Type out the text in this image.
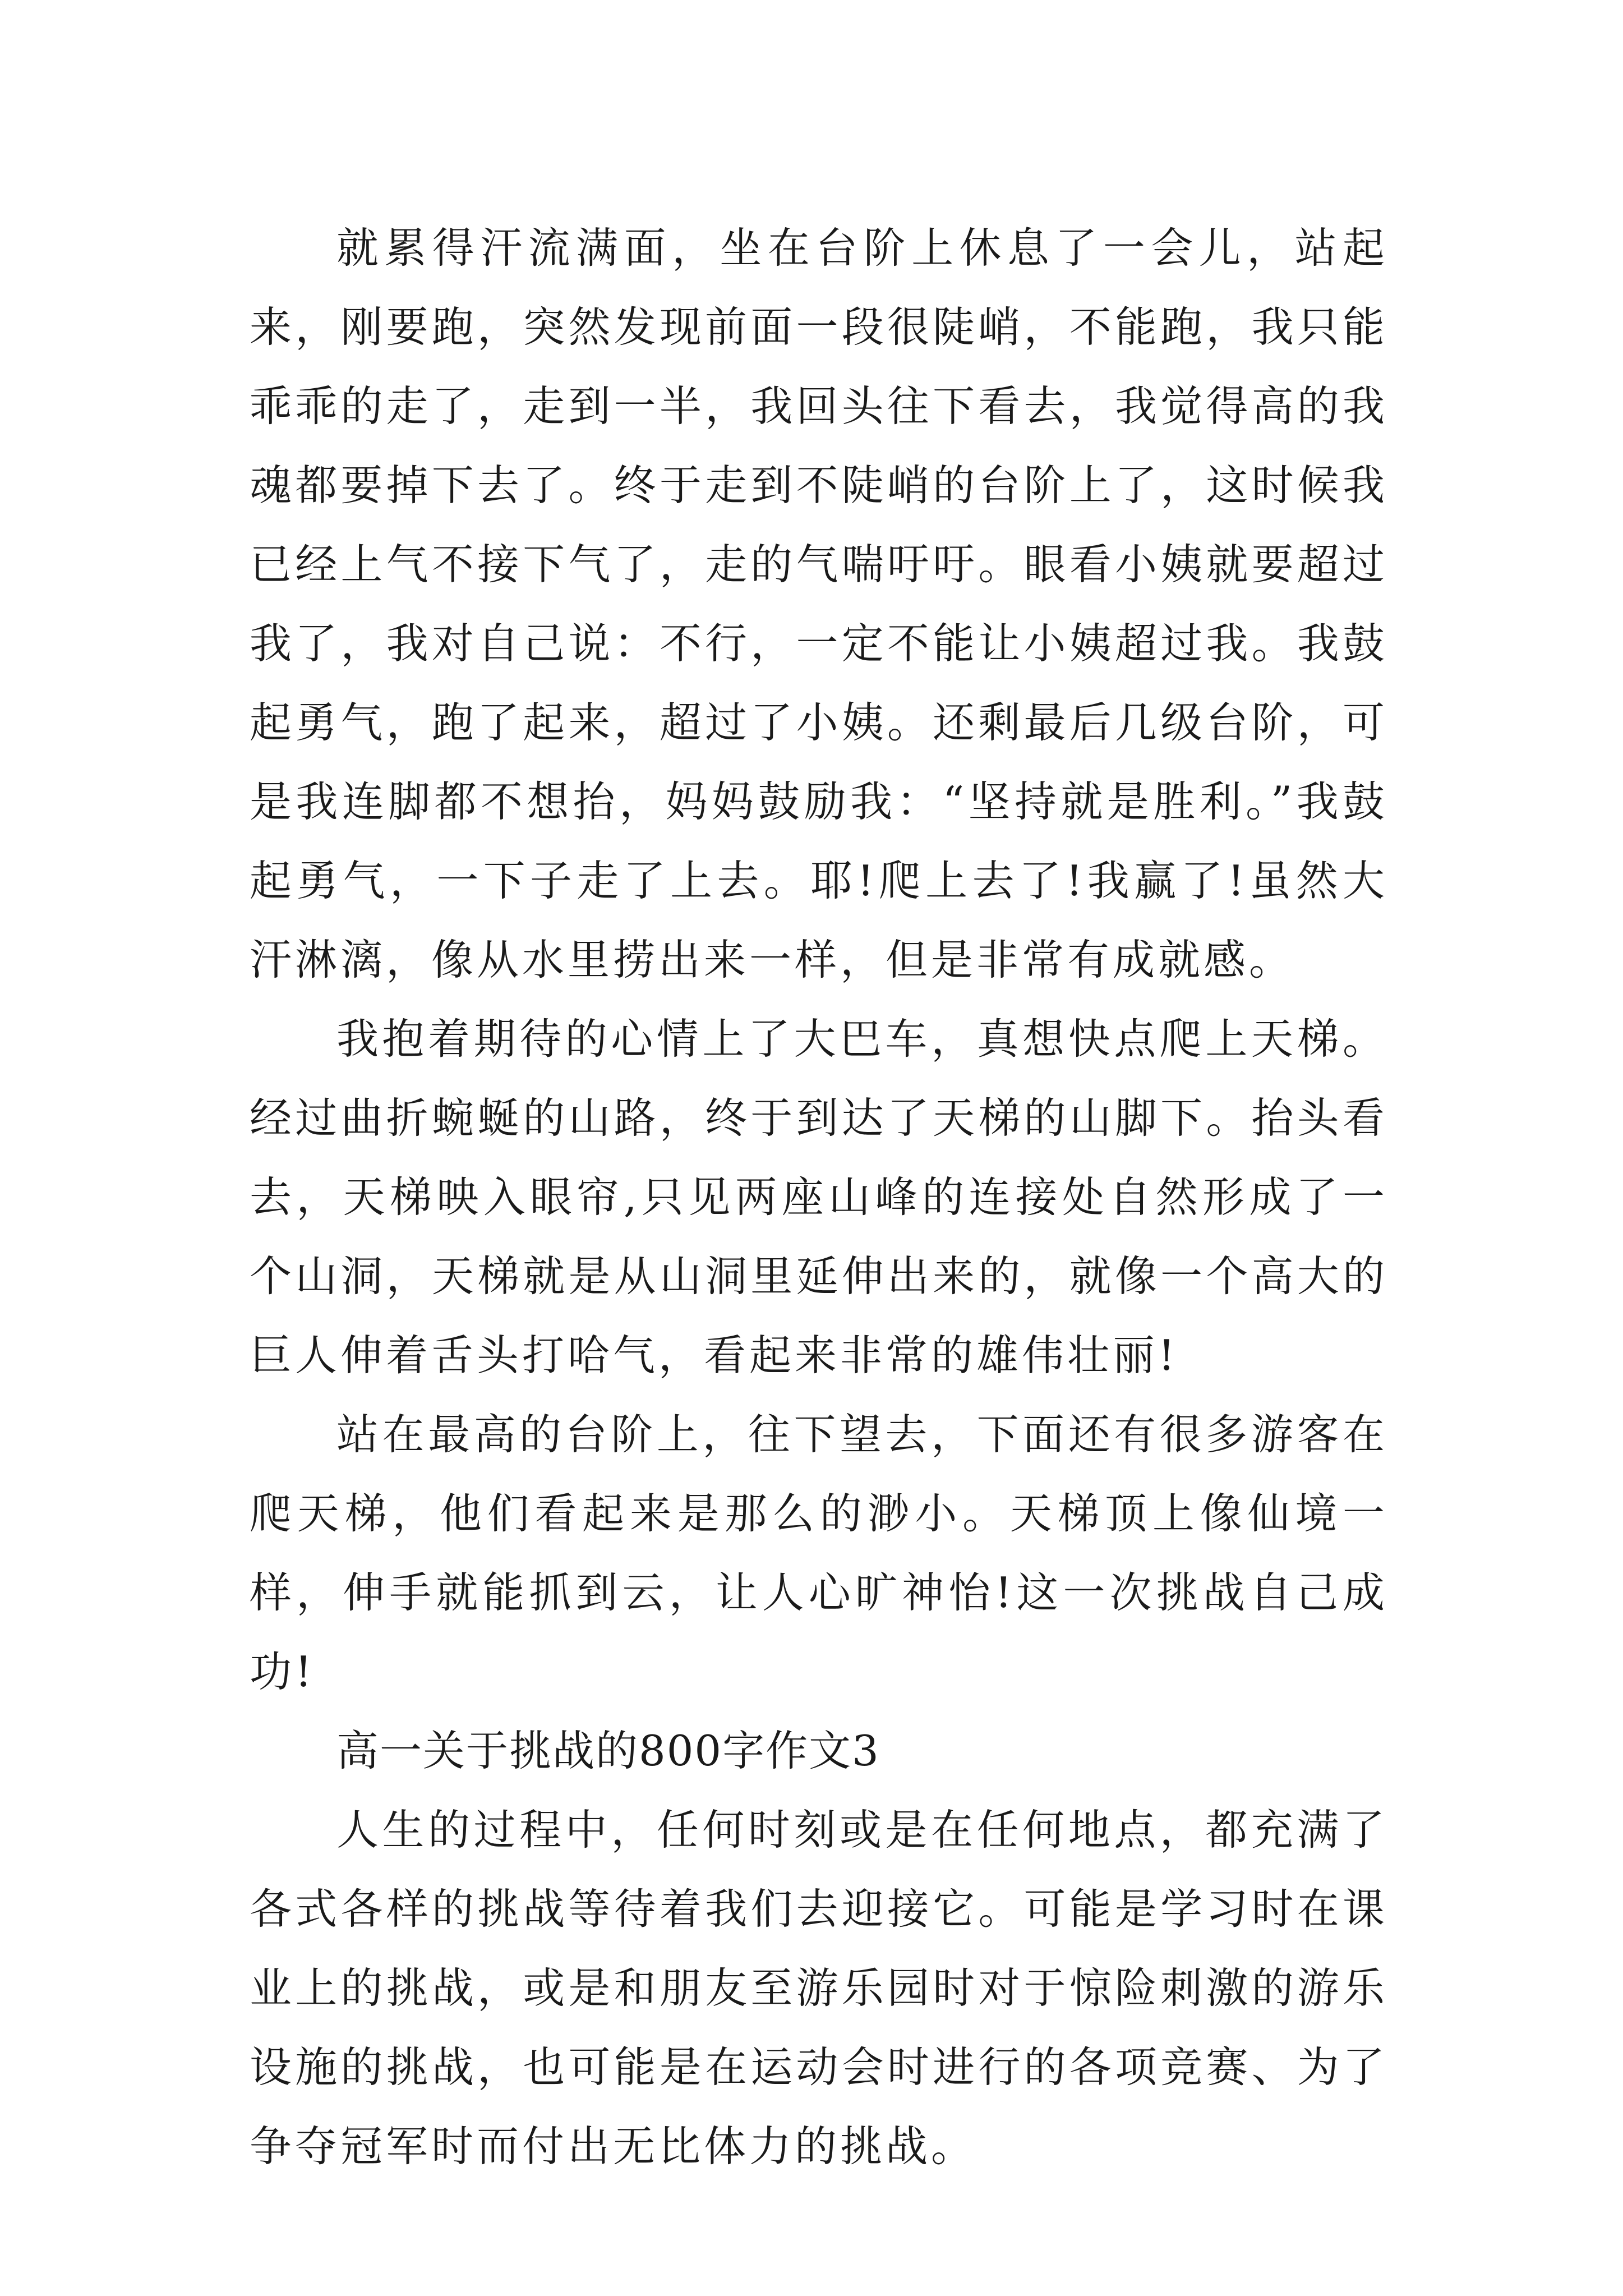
就累得汗流满面，坐在台阶上休息了一会儿，站起来，刚要跑，突然发现前面一段很陡峭，不能跑，我只能乖乖的走了，走到一半，我回头往下看去，我觉得高的我魂都要掉下去了。终于走到不陡峭的台阶上了，这时候我已经上气不接下气了，走的气喘吁吁。眼看小姨就要超过我了，我对自己说：不行，一定不能让小姨超过我。我鼓起勇气，跑了起来，超过了小姨。还剩最后几级台阶，可是我连脚都不想抬，妈妈鼓励我：“坚持就是胜利。”我鼓起勇气，一下子走了上去。耶!爬上去了!我赢了!虽然大汗淋漓，像从水里捞出来一样，但是非常有成就感。

我抱着期待的心情上了大巴车，真想快点爬上天梯。经过曲折蜿蜒的山路，终于到达了天梯的山脚下。抬头看去，天梯映入眼帘,只见两座山峰的连接处自然形成了一个山洞，天梯就是从山洞里延伸出来的，就像一个高大的巨人伸着舌头打哈气，看起来非常的雄伟壮丽!

站在最高的台阶上，往下望去，下面还有很多游客在爬天梯，他们看起来是那么的渺小。天梯顶上像仙境一样，伸手就能抓到云，让人心旷神怡!这一次挑战自己成功!

高一关于挑战的800字作文3

人生的过程中，任何时刻或是在任何地点，都充满了各式各样的挑战等待着我们去迎接它。可能是学习时在课业上的挑战，或是和朋友至游乐园时对于惊险刺激的游乐设施的挑战，也可能是在运动会时进行的各项竞赛、为了争夺冠军时而付出无比体力的挑战。
